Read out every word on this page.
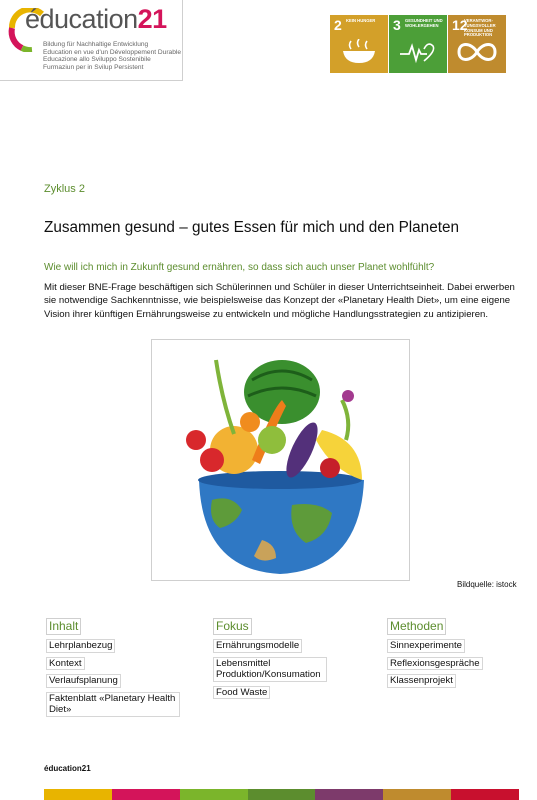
éducation21
Bildung für Nachhaltige Entwicklung
Education en vue d'un Développement Durable
Educazione allo Sviluppo Sostenibile
Furmaziun per in Svilup Persistent
2 KEIN HUNGER 3 GESUNDHEIT UND WOHLERGEHEN 12
VERANTWOR-TUNGSVOLLER KONSUM UND PRODUKTION
Zyklus 2
Zusammen gesund – gutes Essen für mich und den Planeten
Wie will ich mich in Zukunft gesund ernähren, so dass sich auch unser Planet wohlfühlt?
Mit dieser BNE-Frage beschäftigen sich Schülerinnen und Schüler in dieser Unterrichtseinheit. Dabei erwerben sie notwendige Sachkenntnisse, wie beispielsweise das Konzept der «Planetary Health Diet», um eine eigene Vision ihrer künftigen Ernährungsweise zu entwickeln und mögliche Handlungsstrategien zu antizipieren.
Bildquelle: istock
Inhalt
Lehrplanbezug
Kontext
Verlaufsplanung
Faktenblatt «Planetary Health Diet»
Fokus
Ernährungsmodelle
Lebensmittel Produktion/Konsumation
Food Waste
Methoden
Sinnexperimente
Reflexionsgespräche
Klassenprojekt
éducation21
